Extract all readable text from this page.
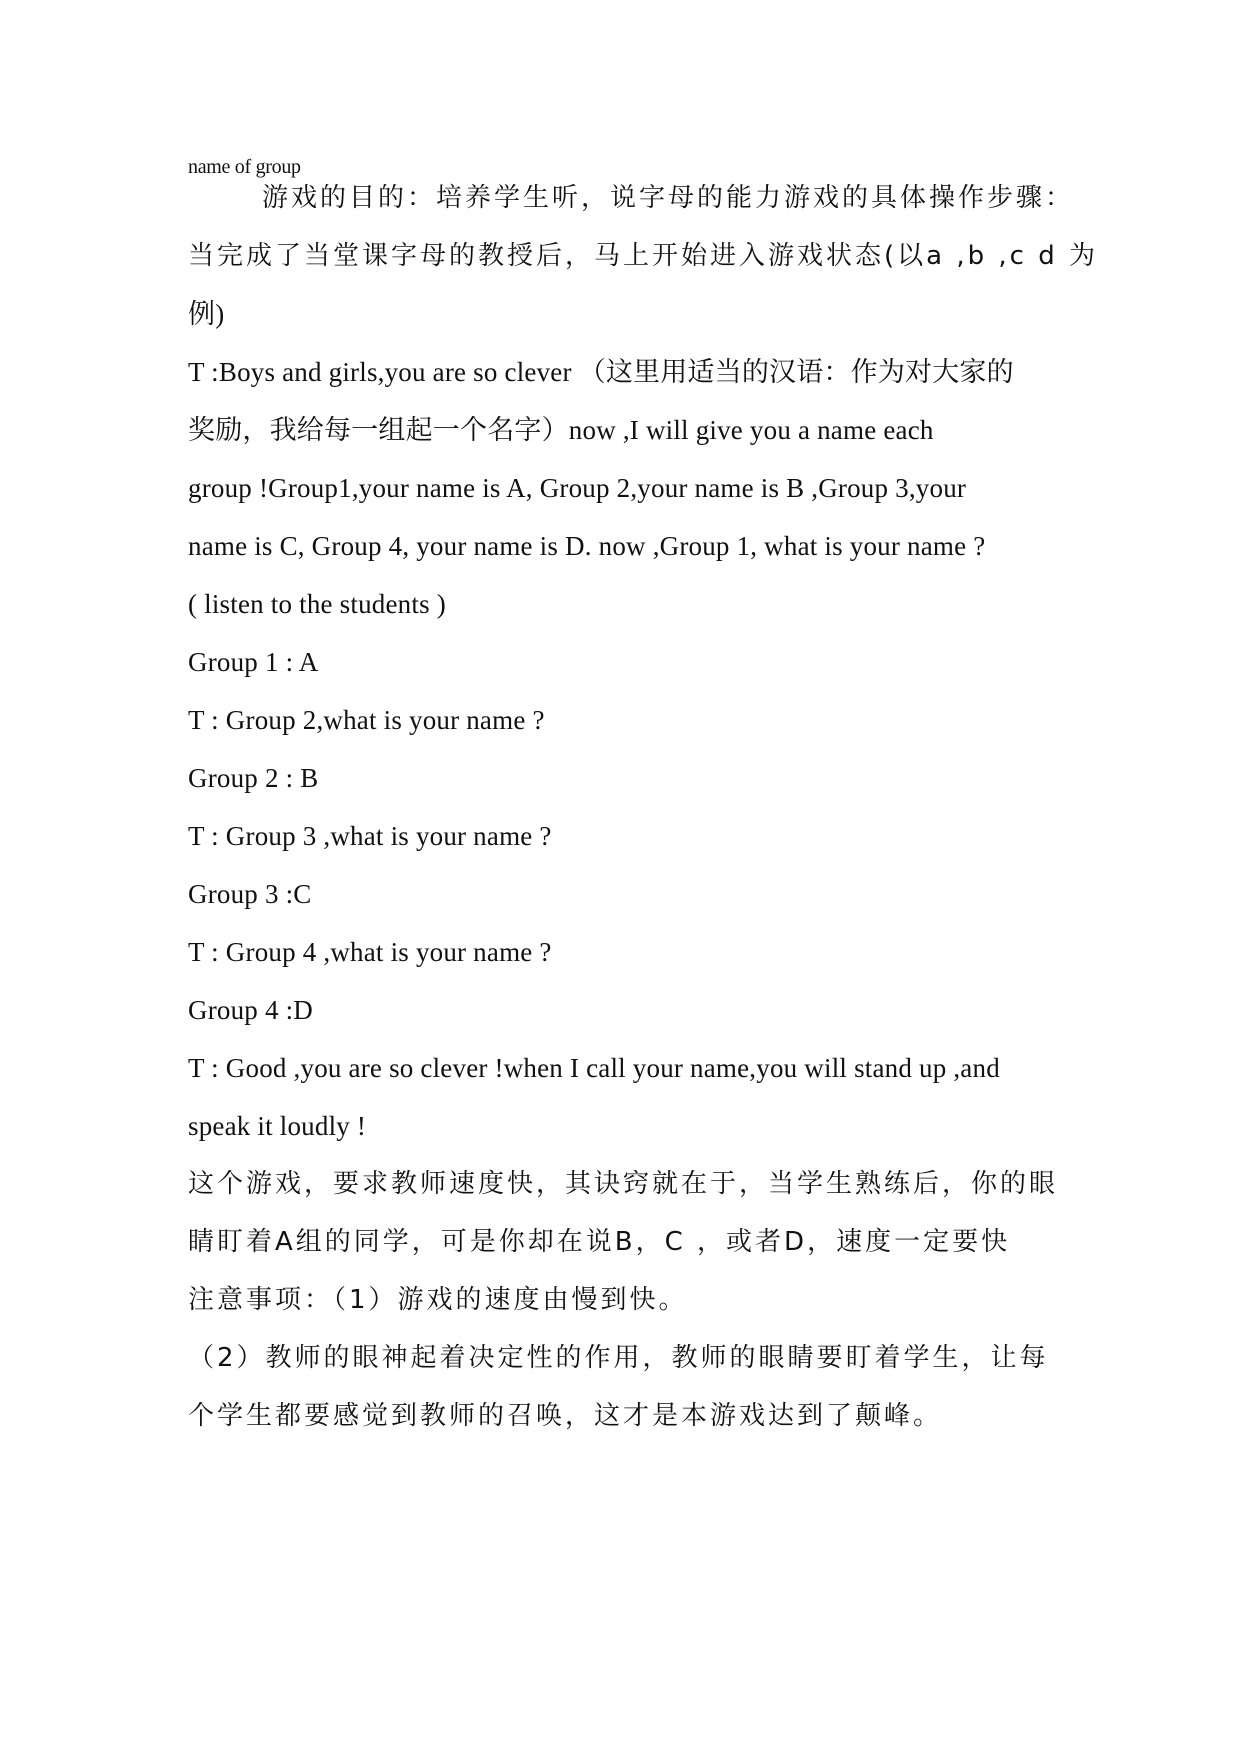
name of group
游戏的目的：培养学生听，说字母的能力游戏的具体操作步骤：
当完成了当堂课字母的教授后，马上开始进入游戏状态(以a ,b ,c d 为
例)
T :Boys and girls,you are so clever （这里用适当的汉语：作为对大家的
奖励，我给每一组起一个名字）now ,I will give you a name each
group !Group1,your name is A, Group 2,your name is B ,Group 3,your
name is C, Group 4, your name is D. now ,Group 1, what is your name ?
( listen to the students )
Group 1 : A
T : Group 2,what is your name ?
Group 2 : B
T : Group 3 ,what is your name ?
Group 3 :C
T : Group 4 ,what is your name ?
Group 4 :D
T : Good ,you are so clever !when I call your name,you will stand up ,and
speak it loudly !
这个游戏，要求教师速度快，其诀窍就在于，当学生熟练后，你的眼
睛盯着A组的同学，可是你却在说B，C ，或者D，速度一定要快
注意事项：（1）游戏的速度由慢到快。
（2）教师的眼神起着决定性的作用，教师的眼睛要盯着学生，让每
个学生都要感觉到教师的召唤，这才是本游戏达到了颠峰。
